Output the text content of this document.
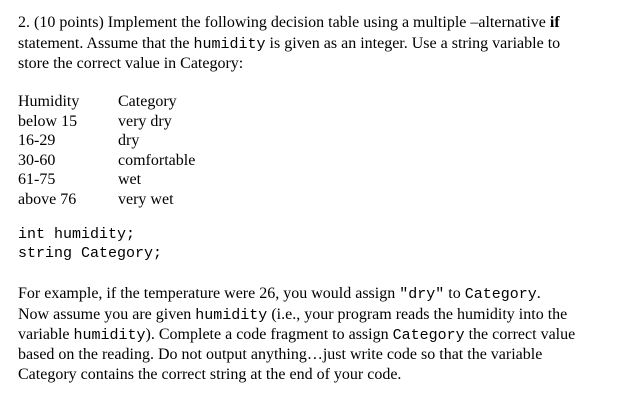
2. (10 points) Implement the following decision table using a multiple –alternative if
statement. Assume that the humidity is given as an integer. Use a string variable to
store the correct value in Category:
Humidity Category
below 15	very dry
16-29	dry
30-60	comfortable
61-75	wet
above 76	very wet
int humidity;
string Category;
For example, if the temperature were 26, you would assign "dry" to Category.
Now assume you are given humidity (i.e., your program reads the humidity into the
variable humidity). Complete a code fragment to assign Category the correct value
based on the reading. Do not output anything…just write code so that the variable
Category contains the correct string at the end of your code.
